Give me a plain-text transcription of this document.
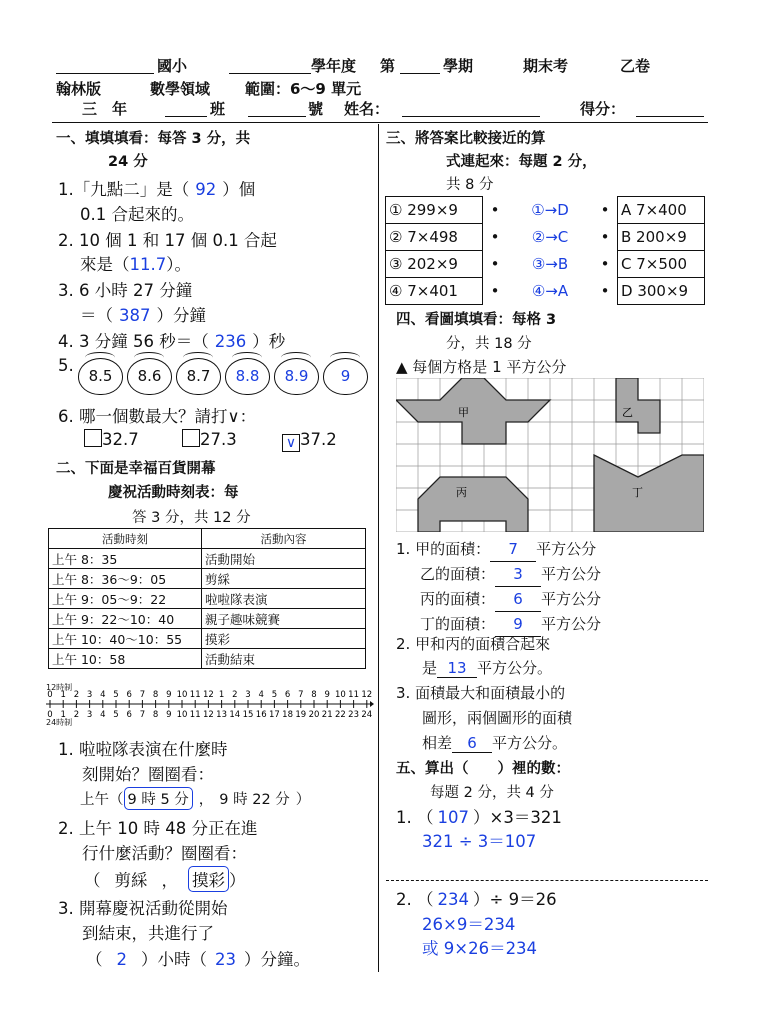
國小	學年度 第	學期	期末考	乙卷
翰林版	數學領域 範圍：6～9 單元
三　年	班	號 姓名：	得分：
一、填填填看：每答 3 分，共
24 分
1.「九點二」是（ 92 ）個
0.1 合起來的。
2. 10 個 1 和 17 個 0.1 合起
來是（11.7）。
3. 6 小時 27 分鐘
＝（ 387 ）分鐘
4. 3 分鐘 56 秒＝（ 236 ）秒
5.
8.5	8.6	8.7	8.8	8.9	9
6. 哪一個數最大？請打∨：
32.7	27.3	∨ 37.2
二、下面是幸福百貨開幕
慶祝活動時刻表：每
答 3 分，共 12 分
活動時刻	活動內容
上午 8：35	活動開始
上午 8：36～9：05	剪綵
上午 9：05～9：22	啦啦隊表演
上午 9：22～10：40	親子趣味競賽
上午 10：40～10：55	摸彩
上午 10：58	活動結束
12時制
24時制
0
0
1
1
2
2
3
3
4
4
5
5
6
6
7
7
8
8
9
9
10
10
11
11
12
12
1
13
2
14
3
15
4
16
5
17
6
18
7
19
8
20
9
21
10
22
11
23
12
24
1. 啦啦隊表演在什麼時
刻開始？圈圈看：
上午（ 9 時 5 分 ， 9 時 22 分 ）
2. 上午 10 時 48 分正在進
行什麼活動？圈圈看：
（ 剪綵 ， 摸彩 ）
3. 開幕慶祝活動從開始
到結束，共進行了
（ 2 ）小時（ 23 ）分鐘。
三、將答案比較接近的算
式連起來：每題 2 分，
共 8 分
① 299×9	•	①→D	•	A 7×400
② 7×498	•	②→C	•	B 200×9
③ 202×9	•	③→B	•	C 7×500
④ 7×401	•	④→A	•	D 300×9
四、看圖填填看：每格 3
分，共 18 分
▲ 每個方格是 1 平方公分
甲	乙
丙	丁
1. 甲的面積： 7 平方公分
乙的面積： 3 平方公分
丙的面積： 6 平方公分
丁的面積： 9 平方公分
2. 甲和丙的面積合起來
是 13 平方公分。
3. 面積最大和面積最小的
圖形，兩個圖形的面積
相差 6 平方公分。
五、算出（　　）裡的數：
每題 2 分，共 4 分
1. （ 107 ）×3＝321
321 ÷ 3＝107
2. （ 234 ）÷ 9＝26
26×9＝234
或 9×26＝234
